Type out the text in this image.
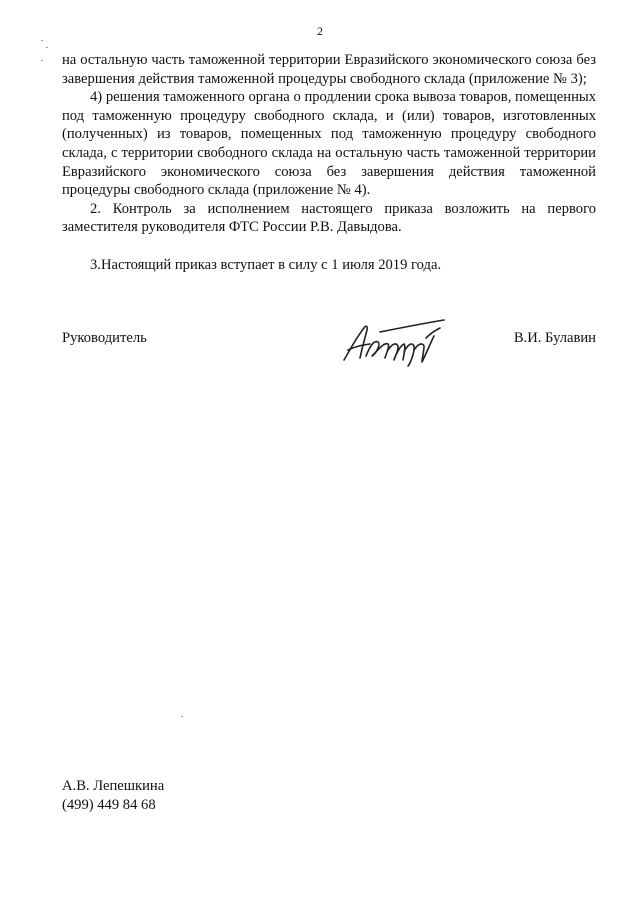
2

на остальную часть таможенной территории Евразийского экономического союза без завершения действия таможенной процедуры свободного склада (приложение № 3);

4) решения таможенного органа о продлении срока вывоза товаров, помещенных под таможенную процедуру свободного склада, и (или) товаров, изготовленных (полученных) из товаров, помещенных под таможенную процедуру свободного склада, с территории свободного склада на остальную часть таможенной территории Евразийского экономического союза без завершения действия таможенной процедуры свободного склада (приложение № 4).

2. Контроль за исполнением настоящего приказа возложить на первого заместителя руководителя ФТС России Р.В. Давыдова.

3.Настоящий приказ вступает в силу с 1 июля 2019 года.

Руководитель	В.И. Булавин
А.В. Лепешкина
(499) 449 84 68
